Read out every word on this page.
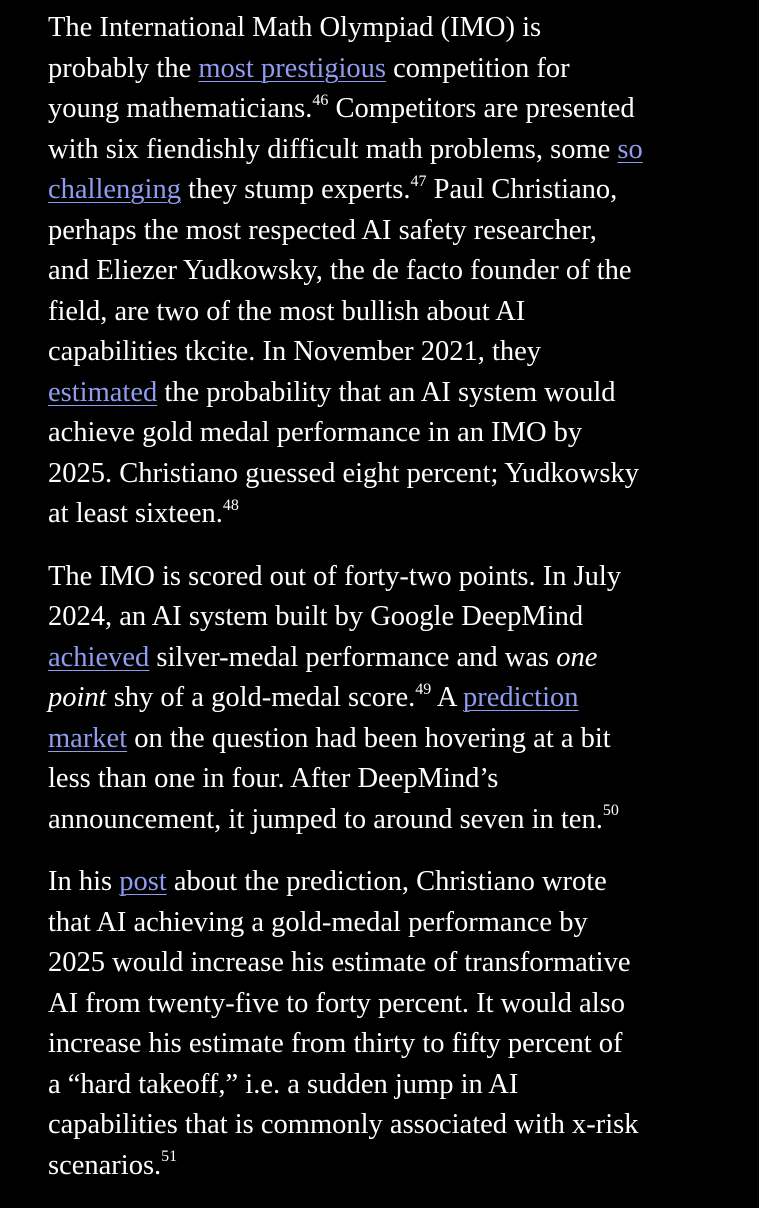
The International Math Olympiad (IMO) is
probably the most prestigious competition for
young mathematicians.$^{46}$ Competitors are presented
with six fiendishly difficult math problems, some so
challenging they stump experts.$^{47}$ Paul Christiano,
perhaps the most respected AI safety researcher,
and Eliezer Yudkowsky, the de facto founder of the
field, are two of the most bullish about AI
capabilities tkcite. In November 2021, they
estimated the probability that an AI system would
achieve gold medal performance in an IMO by
2025. Christiano guessed eight percent; Yudkowsky
at least sixteen.$^{48}$

The IMO is scored out of forty-two points. In July
2024, an AI system built by Google DeepMind
achieved silver-medal performance and was one
point shy of a gold-medal score.$^{49}$ A prediction
market on the question had been hovering at a bit
less than one in four. After DeepMind’s
announcement, it jumped to around seven in ten.$^{50}$

In his post about the prediction, Christiano wrote
that AI achieving a gold-medal performance by
2025 would increase his estimate of transformative
AI from twenty-five to forty percent. It would also
increase his estimate from thirty to fifty percent of
a “hard takeoff,” i.e. a sudden jump in AI
capabilities that is commonly associated with x-risk
scenarios.$^{51}$
